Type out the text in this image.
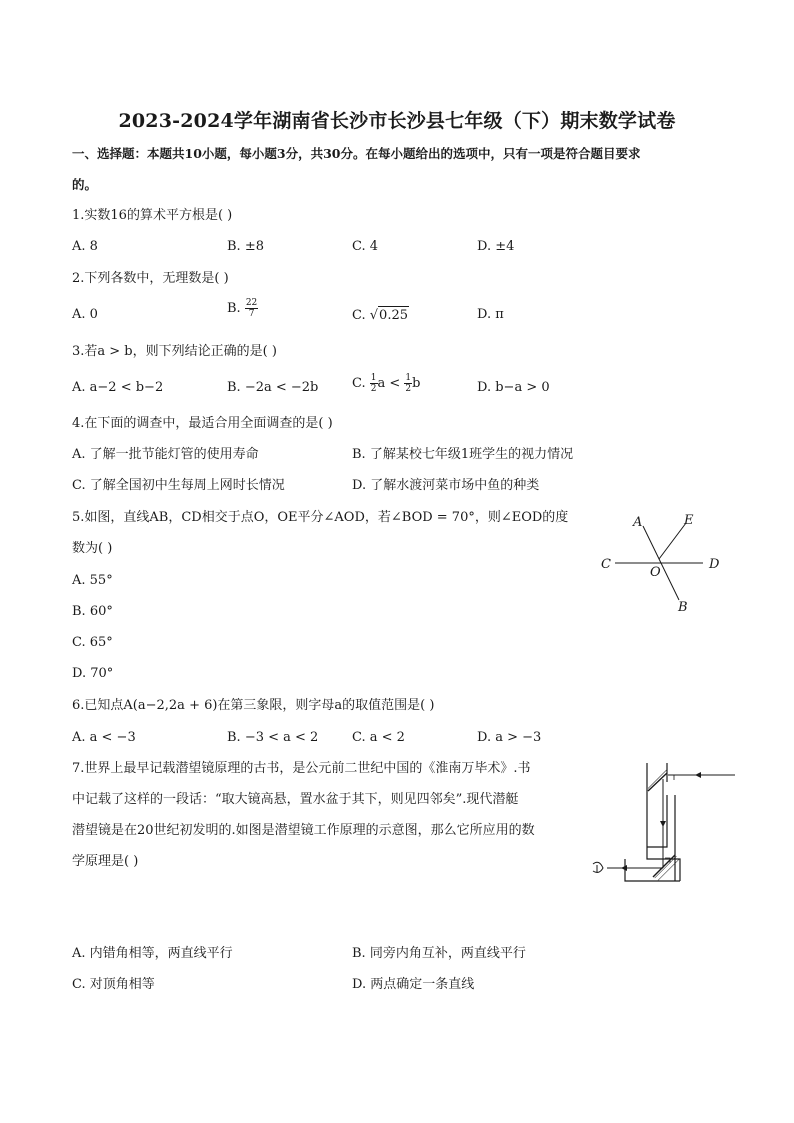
2023-2024学年湖南省长沙市长沙县七年级（下）期末数学试卷
一、选择题：本题共10小题，每小题3分，共30分。在每小题给出的选项中，只有一项是符合题目要求
的。
1.实数16的算术平方根是( )
A. 8	B. ±8	C. 4	D. ±4
2.下列各数中，无理数是( )
A. 0	B. $\frac{22}{7}$	C. √0.25	D. π
3.若a > b，则下列结论正确的是( )
A. a−2 < b−2	B. −2a < −2b	C. $\frac{1}{2}$ $a < \frac{1}{2}$ b	D. b−a > 0
4.在下面的调查中，最适合用全面调查的是( )
A. 了解一批节能灯管的使用寿命	B. 了解某校七年级1班学生的视力情况
C. 了解全国初中生每周上网时长情况	D. 了解水渡河菜市场中鱼的种类
5.如图，直线AB，CD相交于点O，OE平分∠AOD，若∠BOD = 70°，则∠EOD的度
数为( )
A. 55°
B. 60°
C. 65°
D. 70°
A	E
C
O
D
B
6.已知点A(a−2,2a + 6)在第三象限，则字母a的取值范围是( )
A. a < −3	B. −3 < a < 2	C. a < 2	D. a > −3
7.世界上最早记载潜望镜原理的古书，是公元前二世纪中国的《淮南万毕术》.书
中记载了这样的一段话：“取大镜高悬，置水盆于其下，则见四邻矣”.现代潜艇
潜望镜是在20世纪初发明的.如图是潜望镜工作原理的示意图，那么它所应用的数
学原理是( )
A. 内错角相等，两直线平行	B. 同旁内角互补，两直线平行
C. 对顶角相等	D. 两点确定一条直线
